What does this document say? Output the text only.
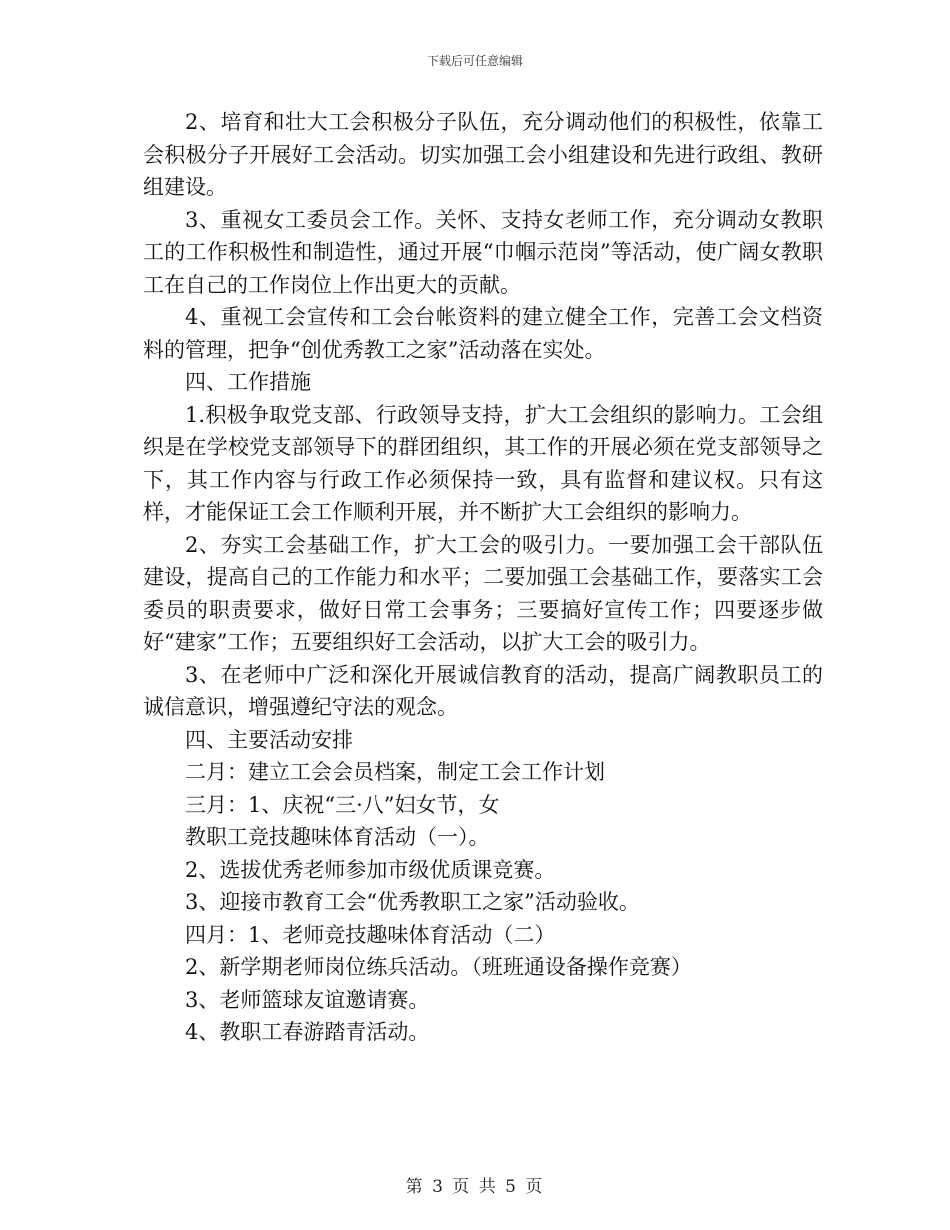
下载后可任意编辑

2、培育和壮大工会积极分子队伍，充分调动他们的积极性，依靠工会积极分子开展好工会活动。切实加强工会小组建设和先进行政组、教研组建设。

3、重视女工委员会工作。关怀、支持女老师工作，充分调动女教职工的工作积极性和制造性，通过开展“巾帼示范岗”等活动，使广阔女教职工在自己的工作岗位上作出更大的贡献。

4、重视工会宣传和工会台帐资料的建立健全工作，完善工会文档资料的管理，把争“创优秀教工之家”活动落在实处。

四、工作措施

1.积极争取党支部、行政领导支持，扩大工会组织的影响力。工会组织是在学校党支部领导下的群团组织，其工作的开展必须在党支部领导之下，其工作内容与行政工作必须保持一致，具有监督和建议权。只有这样，才能保证工会工作顺利开展，并不断扩大工会组织的影响力。

2、夯实工会基础工作，扩大工会的吸引力。一要加强工会干部队伍建设，提高自己的工作能力和水平；二要加强工会基础工作，要落实工会委员的职责要求，做好日常工会事务；三要搞好宣传工作；四要逐步做好“建家”工作；五要组织好工会活动，以扩大工会的吸引力。

3、在老师中广泛和深化开展诚信教育的活动，提高广阔教职员工的诚信意识，增强遵纪守法的观念。

四、主要活动安排

二月：建立工会会员档案，制定工会工作计划

三月：1、庆祝“三·八”妇女节，女

教职工竞技趣味体育活动（一）。

2、选拔优秀老师参加市级优质课竞赛。

3、迎接市教育工会“优秀教职工之家”活动验收。

四月：1、老师竞技趣味体育活动（二）

2、新学期老师岗位练兵活动。（班班通设备操作竞赛）

3、老师篮球友谊邀请赛。

4、教职工春游踏青活动。

第 3 页 共 5 页
